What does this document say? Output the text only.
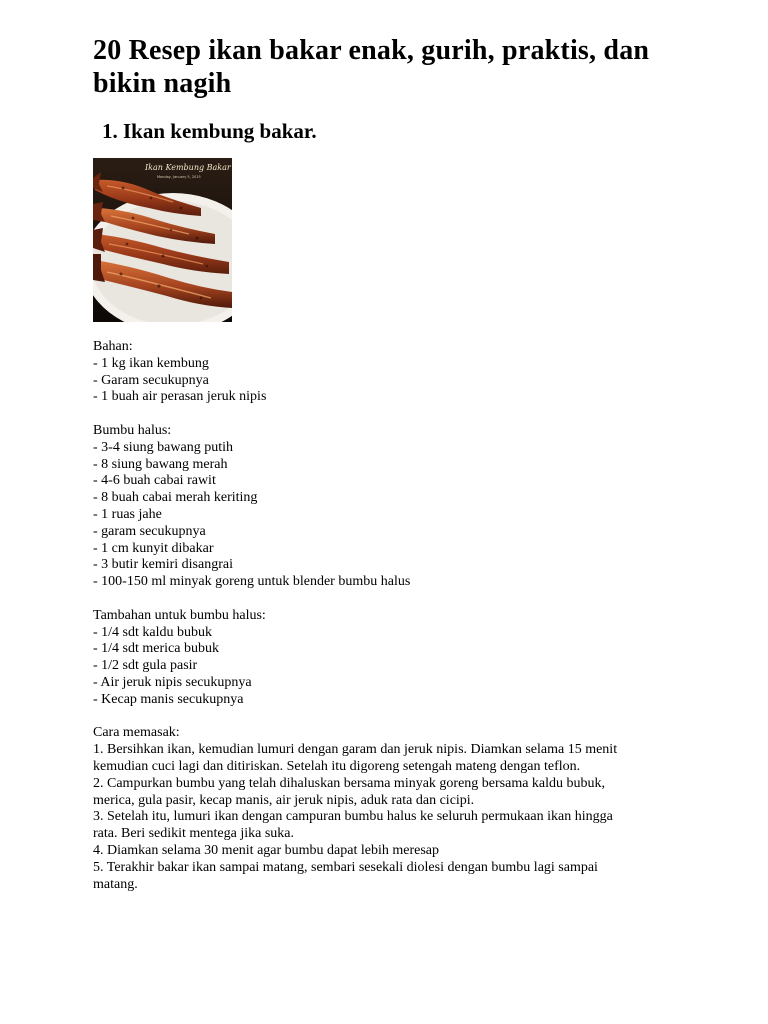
20 Resep ikan bakar enak, gurih, praktis, dan bikin nagih
1. Ikan kembung bakar.
Ikan Kembung Bakar
Monday, January 5, 2015
Bahan:
- 1 kg ikan kembung
- Garam secukupnya
- 1 buah air perasan jeruk nipis
Bumbu halus:
- 3-4 siung bawang putih
- 8 siung bawang merah
- 4-6 buah cabai rawit
- 8 buah cabai merah keriting
- 1 ruas jahe
- garam secukupnya
- 1 cm kunyit dibakar
- 3 butir kemiri disangrai
- 100-150 ml minyak goreng untuk blender bumbu halus
Tambahan untuk bumbu halus:
- 1/4 sdt kaldu bubuk
- 1/4 sdt merica bubuk
- 1/2 sdt gula pasir
- Air jeruk nipis secukupnya
- Kecap manis secukupnya
Cara memasak:
1. Bersihkan ikan, kemudian lumuri dengan garam dan jeruk nipis. Diamkan selama 15 menit
kemudian cuci lagi dan ditiriskan. Setelah itu digoreng setengah mateng dengan teflon.
2. Campurkan bumbu yang telah dihaluskan bersama minyak goreng bersama kaldu bubuk,
merica, gula pasir, kecap manis, air jeruk nipis, aduk rata dan cicipi.
3. Setelah itu, lumuri ikan dengan campuran bumbu halus ke seluruh permukaan ikan hingga
rata. Beri sedikit mentega jika suka.
4. Diamkan selama 30 menit agar bumbu dapat lebih meresap
5. Terakhir bakar ikan sampai matang, sembari sesekali diolesi dengan bumbu lagi sampai
matang.
